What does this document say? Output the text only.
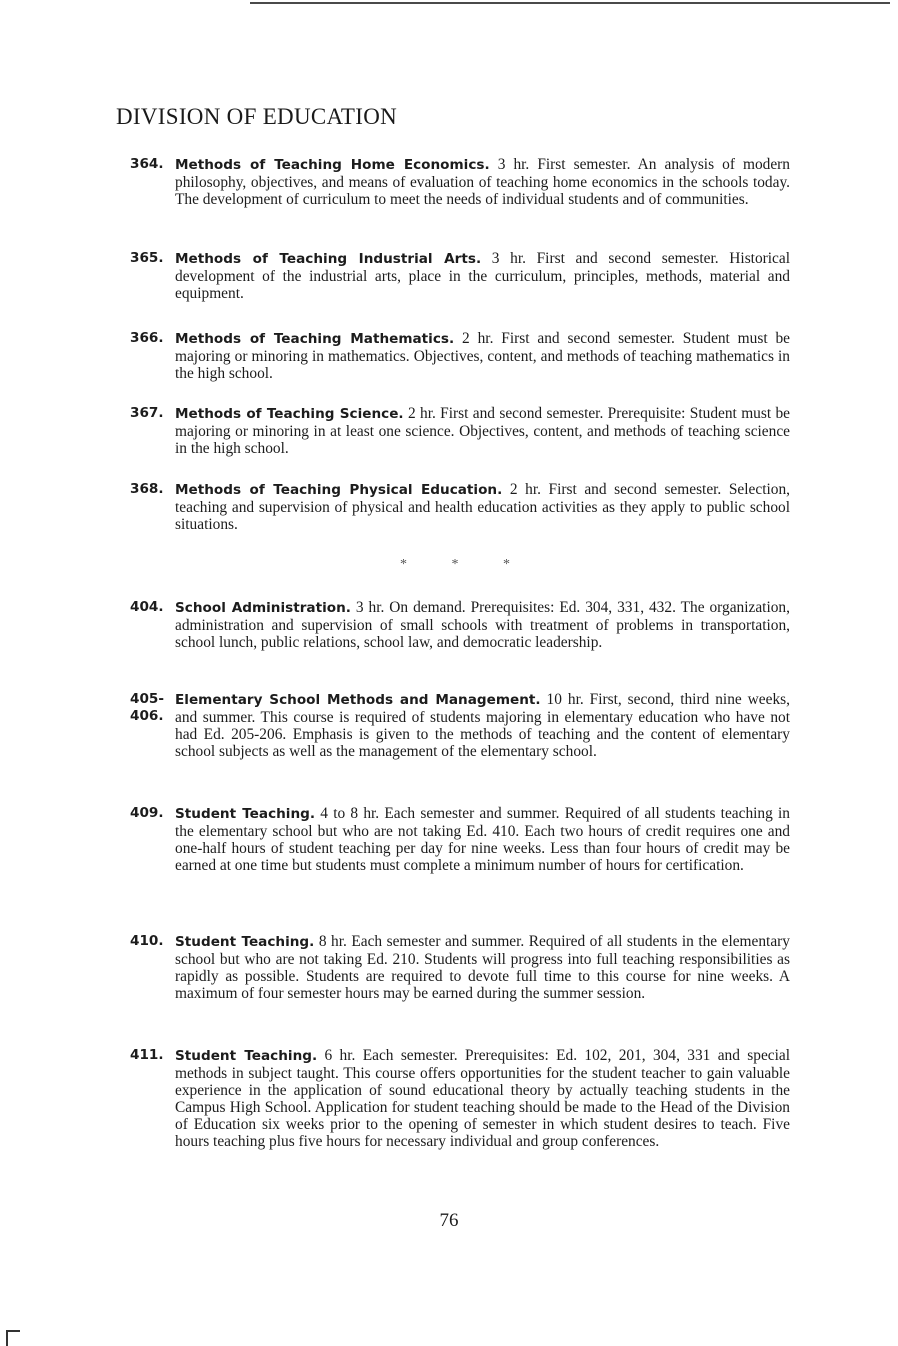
DIVISION OF EDUCATION
364. Methods of Teaching Home Economics. 3 hr. First semester. An analysis of modern philosophy, objectives, and means of evaluation of teaching home economics in the schools today. The development of curriculum to meet the needs of individual students and of communities.
365. Methods of Teaching Industrial Arts. 3 hr. First and second semester. Historical development of the industrial arts, place in the curriculum, principles, methods, material and equipment.
366. Methods of Teaching Mathematics. 2 hr. First and second semester. Student must be majoring or minoring in mathematics. Objectives, content, and methods of teaching mathematics in the high school.
367. Methods of Teaching Science. 2 hr. First and second semester. Prerequisite: Student must be majoring or minoring in at least one science. Objectives, content, and methods of teaching science in the high school.
368. Methods of Teaching Physical Education. 2 hr. First and second semester. Selection, teaching and supervision of physical and health education activities as they apply to public school situations.
*	*	*
404. School Administration. 3 hr. On demand. Prerequisites: Ed. 304, 331, 432. The organization, administration and supervision of small schools with treatment of problems in transportation, school lunch, public relations, school law, and democratic leadership.
405-
406.
Elementary School Methods and Management. 10 hr. First, second, third nine weeks, and summer. This course is required of students majoring in elementary education who have not had Ed. 205-206. Emphasis is given to the methods of teaching and the content of elementary school subjects as well as the management of the elementary school.
409. Student Teaching. 4 to 8 hr. Each semester and summer. Required of all students teaching in the elementary school but who are not taking Ed. 410. Each two hours of credit requires one and one-half hours of student teaching per day for nine weeks. Less than four hours of credit may be earned at one time but students must complete a minimum number of hours for certification.
410. Student Teaching. 8 hr. Each semester and summer. Required of all students in the elementary school but who are not taking Ed. 210. Students will progress into full teaching responsibilities as rapidly as possible. Students are required to devote full time to this course for nine weeks. A maximum of four semester hours may be earned during the summer session.
411. Student Teaching. 6 hr. Each semester. Prerequisites: Ed. 102, 201, 304, 331 and special methods in subject taught. This course offers opportunities for the student teacher to gain valuable experience in the application of sound educational theory by actually teaching students in the Campus High School. Application for student teaching should be made to the Head of the Division of Education six weeks prior to the opening of semester in which student desires to teach. Five hours teaching plus five hours for necessary individual and group conferences.
76
